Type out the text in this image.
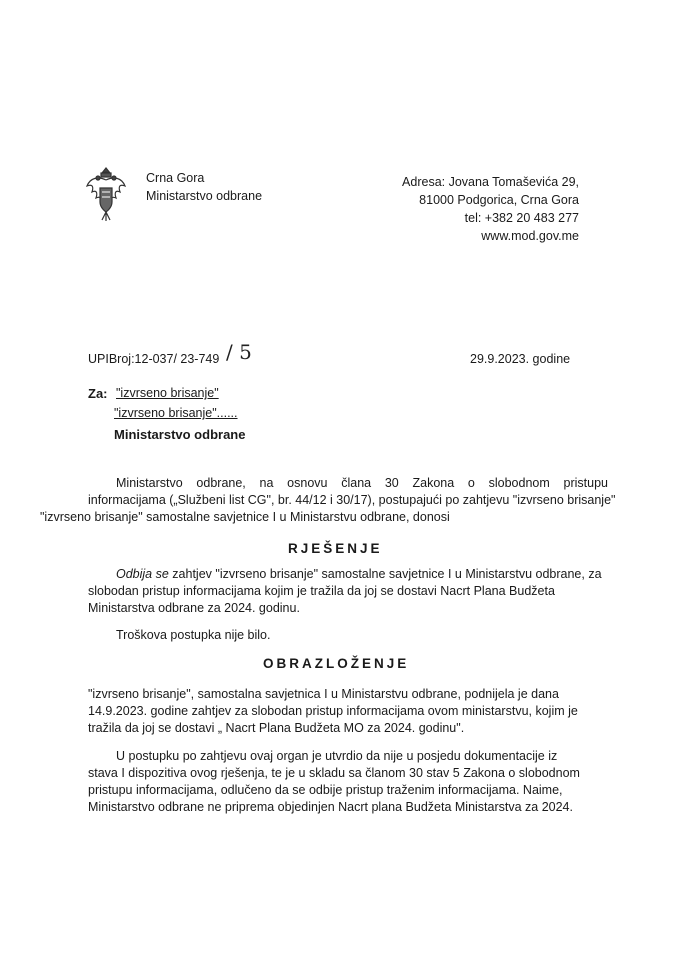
Crna Gora
Ministarstvo odbrane
Adresa: Jovana Tomaševića 29,
81000 Podgorica, Crna Gora
tel: +382 20 483 277
www.mod.gov.me
UPIBroj:12-037/ 23-749 / 5	29.9.2023. godine
Za: "izvrseno brisanje"
"izvrseno brisanje"......
Ministarstvo odbrane
Ministarstvo odbrane, na osnovu člana 30 Zakona o slobodnom pristupu
informacijama („Službeni list CG", br. 44/12 i 30/17), postupajući po zahtjevu "izvrseno brisanje"
"izvrseno brisanje" samostalne savjetnice I u Ministarstvu odbrane, donosi
RJEŠENJE
Odbija se zahtjev "izvrseno brisanje" samostalne savjetnice I u Ministarstvu odbrane, za
slobodan pristup informacijama kojim je tražila da joj se dostavi Nacrt Plana Budžeta
Ministarstva odbrane za 2024. godinu.
Troškova postupka nije bilo.
OBRAZLOŽENJE
"izvrseno brisanje", samostalna savjetnica I u Ministarstvu odbrane, podnijela je dana
14.9.2023. godine zahtjev za slobodan pristup informacijama ovom ministarstvu, kojim je
tražila da joj se dostavi „ Nacrt Plana Budžeta MO za 2024. godinu".
U postupku po zahtjevu ovaj organ je utvrdio da nije u posjedu dokumentacije iz
stava I dispozitiva ovog rješenja, te je u skladu sa članom 30 stav 5 Zakona o slobodnom
pristupu informacijama, odlučeno da se odbije pristup traženim informacijama. Naime,
Ministarstvo odbrane ne priprema objedinjen Nacrt plana Budžeta Ministarstva za 2024.
